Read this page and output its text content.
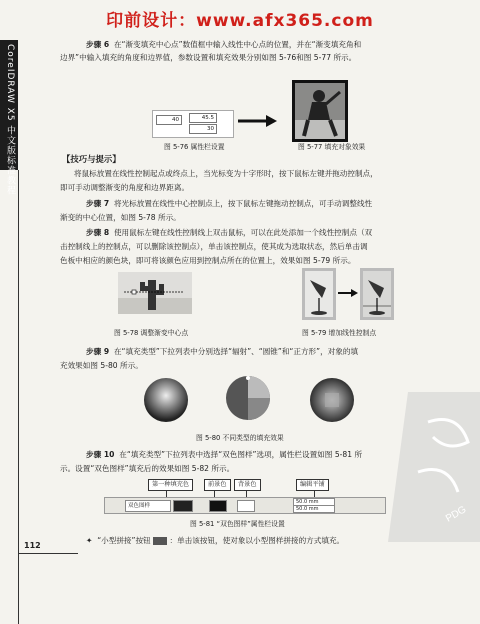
印前设计：www.afx365.com
CoreIDRAW X5 中文版标准教程	步骤 6 在“渐变填充中心点”数值框中输入线性中心点的位置，并在“渐变填充角和
边界”中输入填充的角度和边界值，参数设置和填充效果分别如图 5-76和图 5-77 所示。
40	45.5
30
图 5-76 属性栏设置	图 5-77 填充对象效果
【技巧与提示】
将鼠标放置在线性控制起点或终点上，当光标变为十字形时，按下鼠标左键并拖动控制点，
即可手动调整渐变的角度和边界距离。
步骤 7 将光标放置在线性中心控制点上，按下鼠标左键拖动控制点，可手动调整线性
渐变的中心位置，如图 5-78 所示。
步骤 8 使用鼠标左键在线性控制线上双击鼠标，可以在此处添加一个线性控制点（双
击控制线上的控制点，可以删除该控制点），单击该控制点，使其成为选取状态，然后单击调
色板中相应的颜色块，即可将该颜色应用到控制点所在的位置上，效果如图 5-79 所示。
图 5-78 调整渐变中心点	图 5-79 增加线性控制点
步骤 9 在“填充类型”下拉列表中分别选择“辐射”、“圆锥”和“正方形”，对象的填
充效果如图 5-80 所示。
图 5-80 不同类型的填充效果
步骤 10 在“填充类型”下拉列表中选择“双色图样”选项，属性栏设置如图 5-81 所
示。设置“双色图样”填充后的效果如图 5-82 所示。
第一种填充色	前景色	背景色	编辑平铺
双色图样
50.0 mm
50.0 mm
图 5-81 “双色图样”属性栏设置
112
✦ “小型拼接”按钮 ：单击该按钮，使对象以小型图样拼接的方式填充。
PDG
